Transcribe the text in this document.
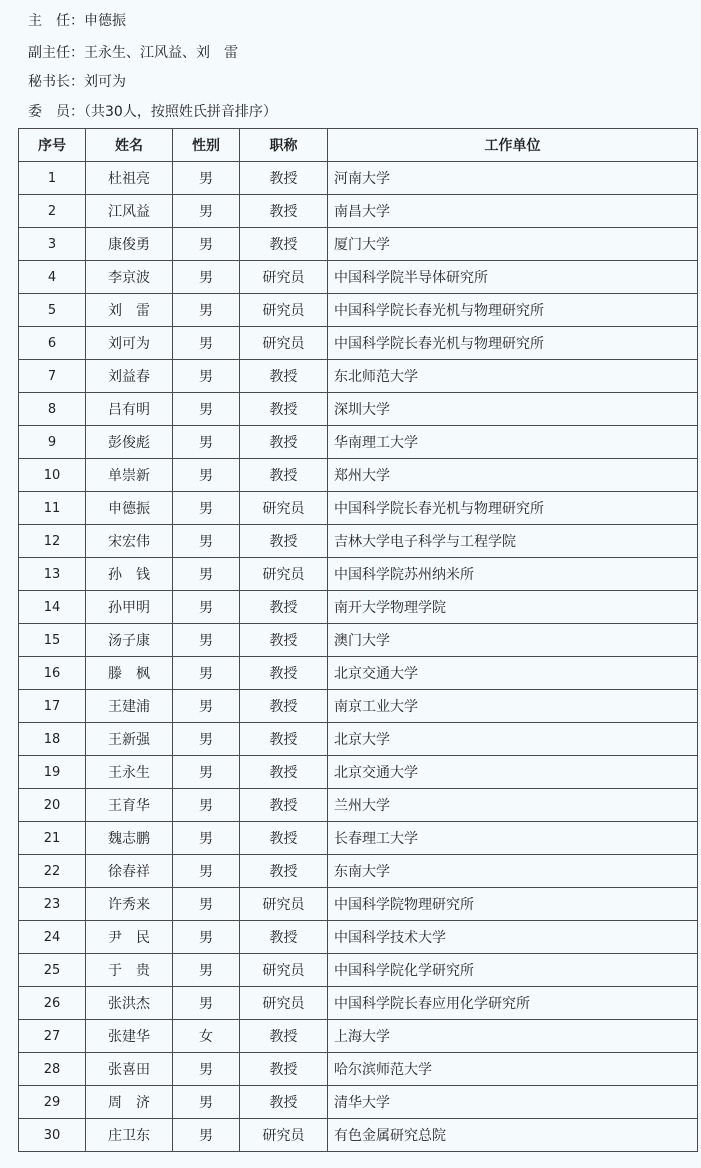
主　任：申德振
副主任：王永生、江风益、刘　雷
秘书长：刘可为
委　员：（共30人，按照姓氏拼音排序）
序号	姓名	性别	职称	工作单位
1	杜祖亮	男	教授	河南大学
2	江风益	男	教授	南昌大学
3	康俊勇	男	教授	厦门大学
4	李京波	男	研究员	中国科学院半导体研究所
5	刘　雷	男	研究员	中国科学院长春光机与物理研究所
6	刘可为	男	研究员	中国科学院长春光机与物理研究所
7	刘益春	男	教授	东北师范大学
8	吕有明	男	教授	深圳大学
9	彭俊彪	男	教授	华南理工大学
10	单崇新	男	教授	郑州大学
11	申德振	男	研究员	中国科学院长春光机与物理研究所
12	宋宏伟	男	教授	吉林大学电子科学与工程学院
13	孙　钱	男	研究员	中国科学院苏州纳米所
14	孙甲明	男	教授	南开大学物理学院
15	汤子康	男	教授	澳门大学
16	滕　枫	男	教授	北京交通大学
17	王建浦	男	教授	南京工业大学
18	王新强	男	教授	北京大学
19	王永生	男	教授	北京交通大学
20	王育华	男	教授	兰州大学
21	魏志鹏	男	教授	长春理工大学
22	徐春祥	男	教授	东南大学
23	许秀来	男	研究员	中国科学院物理研究所
24	尹　民	男	教授	中国科学技术大学
25	于　贵	男	研究员	中国科学院化学研究所
26	张洪杰	男	研究员	中国科学院长春应用化学研究所
27	张建华	女	教授	上海大学
28	张喜田	男	教授	哈尔滨师范大学
29	周　济	男	教授	清华大学
30	庄卫东	男	研究员	有色金属研究总院
